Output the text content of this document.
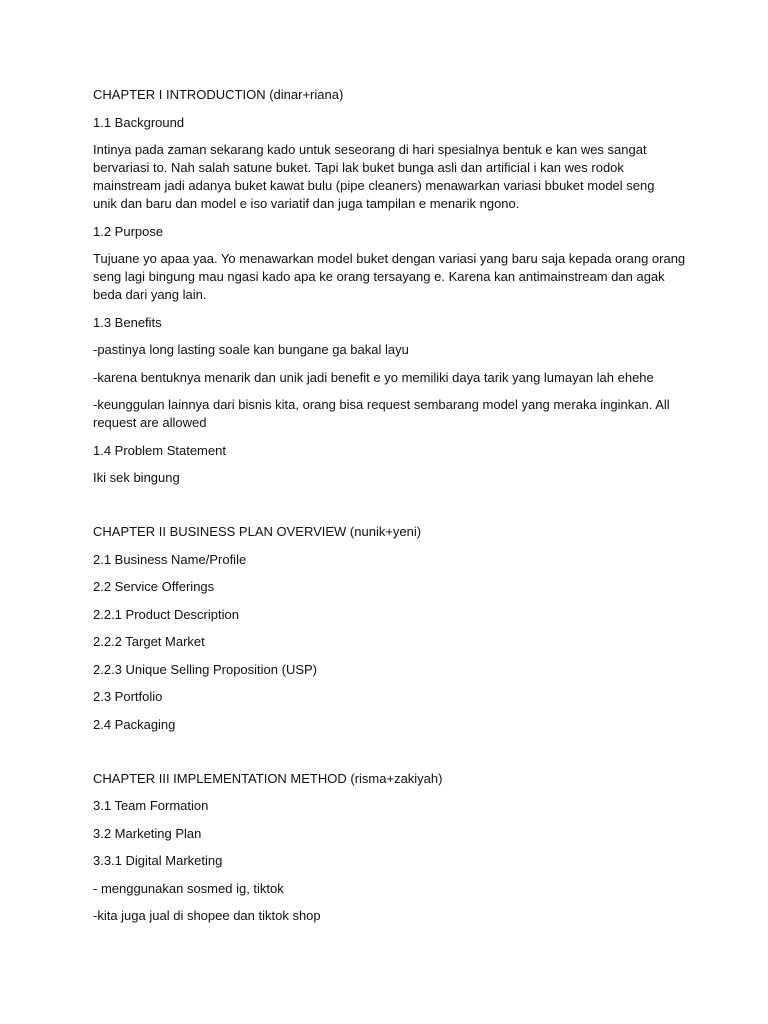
CHAPTER I INTRODUCTION (dinar+riana)

1.1 Background

Intinya pada zaman sekarang kado untuk seseorang di hari spesialnya bentuk e kan wes sangat

bervariasi to. Nah salah satune buket. Tapi lak buket bunga asli dan artificial i kan wes rodok

mainstream jadi adanya buket kawat bulu (pipe cleaners) menawarkan variasi bbuket model seng

unik dan baru dan model e iso variatif dan juga tampilan e menarik ngono.

1.2 Purpose

Tujuane yo apaa yaa. Yo menawarkan model buket dengan variasi yang baru saja kepada orang orang

seng lagi bingung mau ngasi kado apa ke orang tersayang e. Karena kan antimainstream dan agak

beda dari yang lain.

1.3 Benefits

-pastinya long lasting soale kan bungane ga bakal layu

-karena bentuknya menarik dan unik jadi benefit e yo memiliki daya tarik yang lumayan lah ehehe

-keunggulan lainnya dari bisnis kita, orang bisa request sembarang model yang meraka inginkan. All

request are allowed

1.4 Problem Statement

Iki sek bingung

CHAPTER II BUSINESS PLAN OVERVIEW (nunik+yeni)

2.1 Business Name/Profile

2.2 Service Offerings

2.2.1 Product Description

2.2.2 Target Market

2.2.3 Unique Selling Proposition (USP)

2.3 Portfolio

2.4 Packaging

CHAPTER III IMPLEMENTATION METHOD (risma+zakiyah)

3.1 Team Formation

3.2 Marketing Plan

3.3.1 Digital Marketing

- menggunakan sosmed ig, tiktok

-kita juga jual di shopee dan tiktok shop
